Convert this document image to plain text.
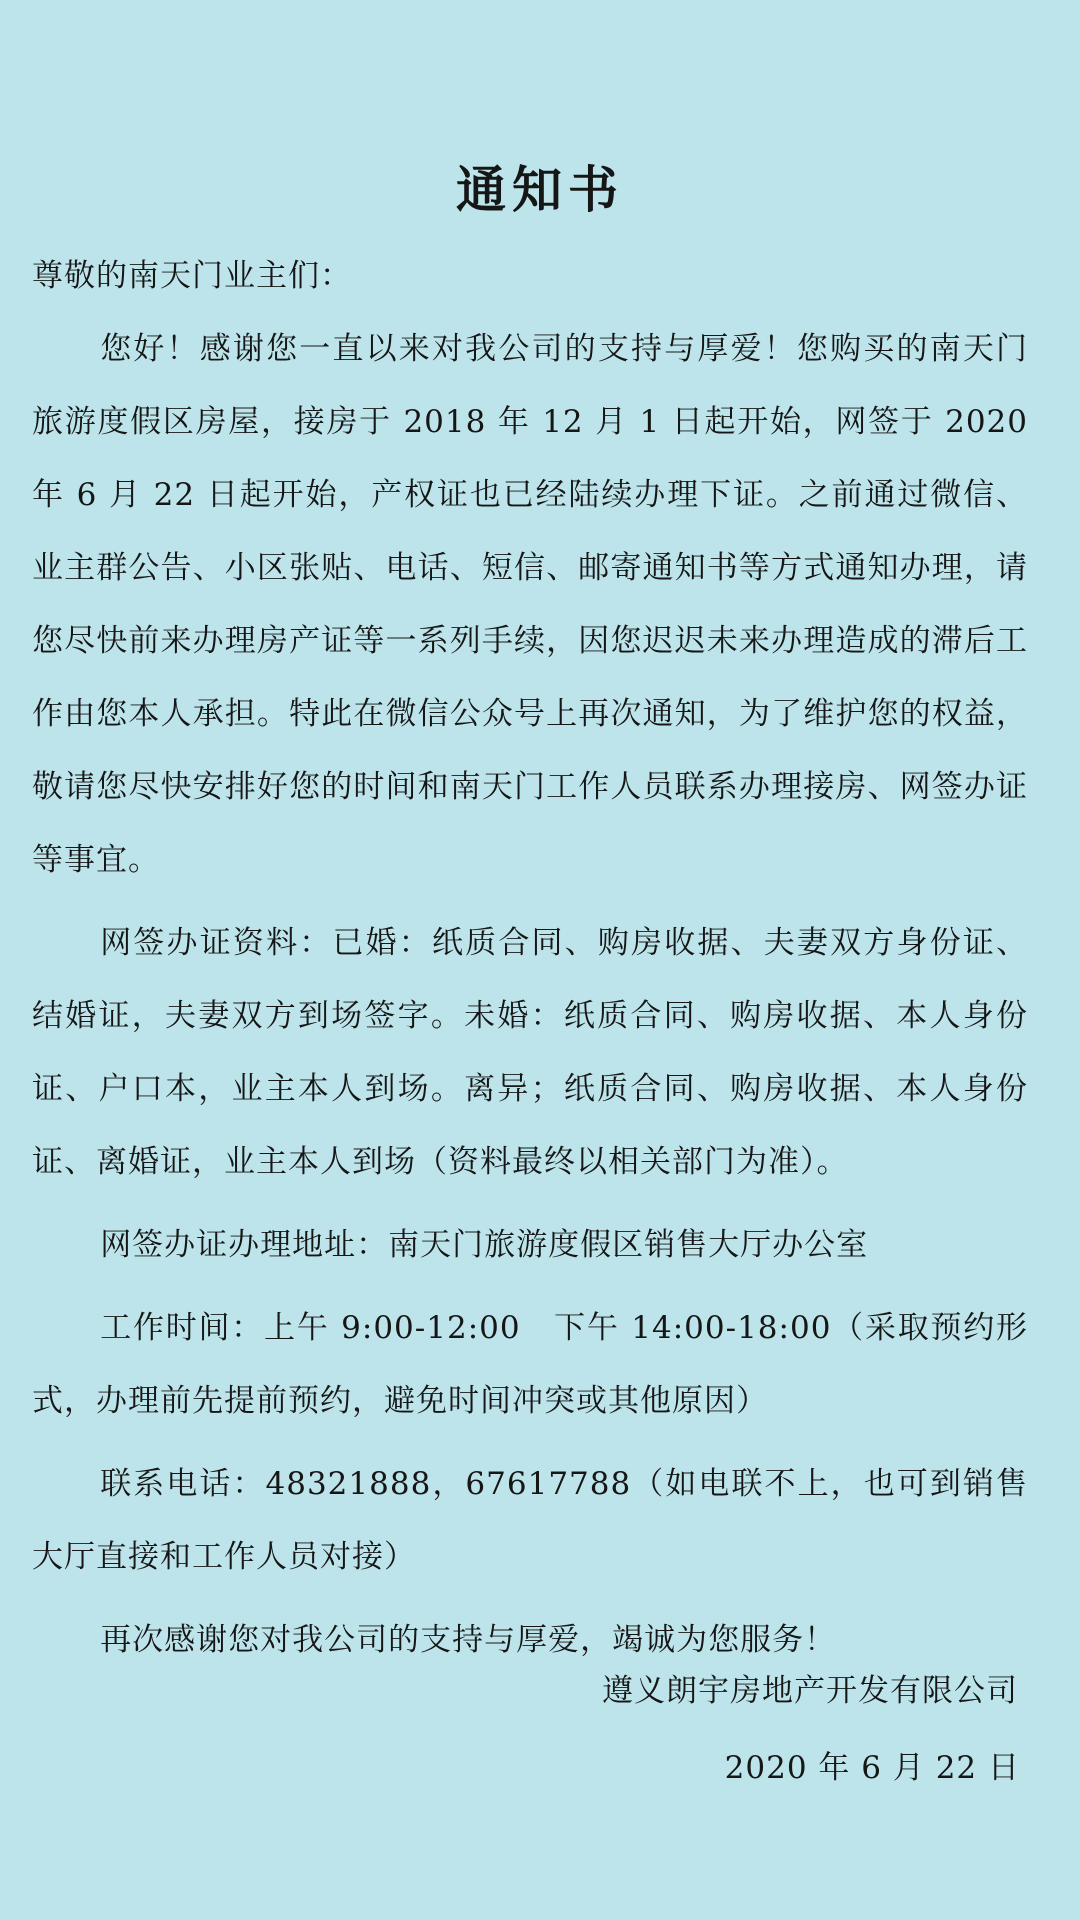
通知书

尊敬的南天门业主们：

您好！感谢您一直以来对我公司的支持与厚爱！您购买的南天门旅游度假区房屋，接房于 2018 年 12 月 1 日起开始，网签于 2020 年 6 月 22 日起开始，产权证也已经陆续办理下证。之前通过微信、业主群公告、小区张贴、电话、短信、邮寄通知书等方式通知办理，请您尽快前来办理房产证等一系列手续，因您迟迟未来办理造成的滞后工作由您本人承担。特此在微信公众号上再次通知，为了维护您的权益，敬请您尽快安排好您的时间和南天门工作人员联系办理接房、网签办证等事宜。

网签办证资料：已婚：纸质合同、购房收据、夫妻双方身份证、结婚证，夫妻双方到场签字。未婚：纸质合同、购房收据、本人身份证、户口本，业主本人到场。离异；纸质合同、购房收据、本人身份证、离婚证，业主本人到场（资料最终以相关部门为准）。

网签办证办理地址：南天门旅游度假区销售大厅办公室

工作时间：上午 9:00-12:00　下午 14:00-18:00（采取预约形式，办理前先提前预约，避免时间冲突或其他原因）

联系电话：48321888，67617788（如电联不上，也可到销售大厅直接和工作人员对接）

再次感谢您对我公司的支持与厚爱，竭诚为您服务！

遵义朗宇房地产开发有限公司
2020 年 6 月 22 日
